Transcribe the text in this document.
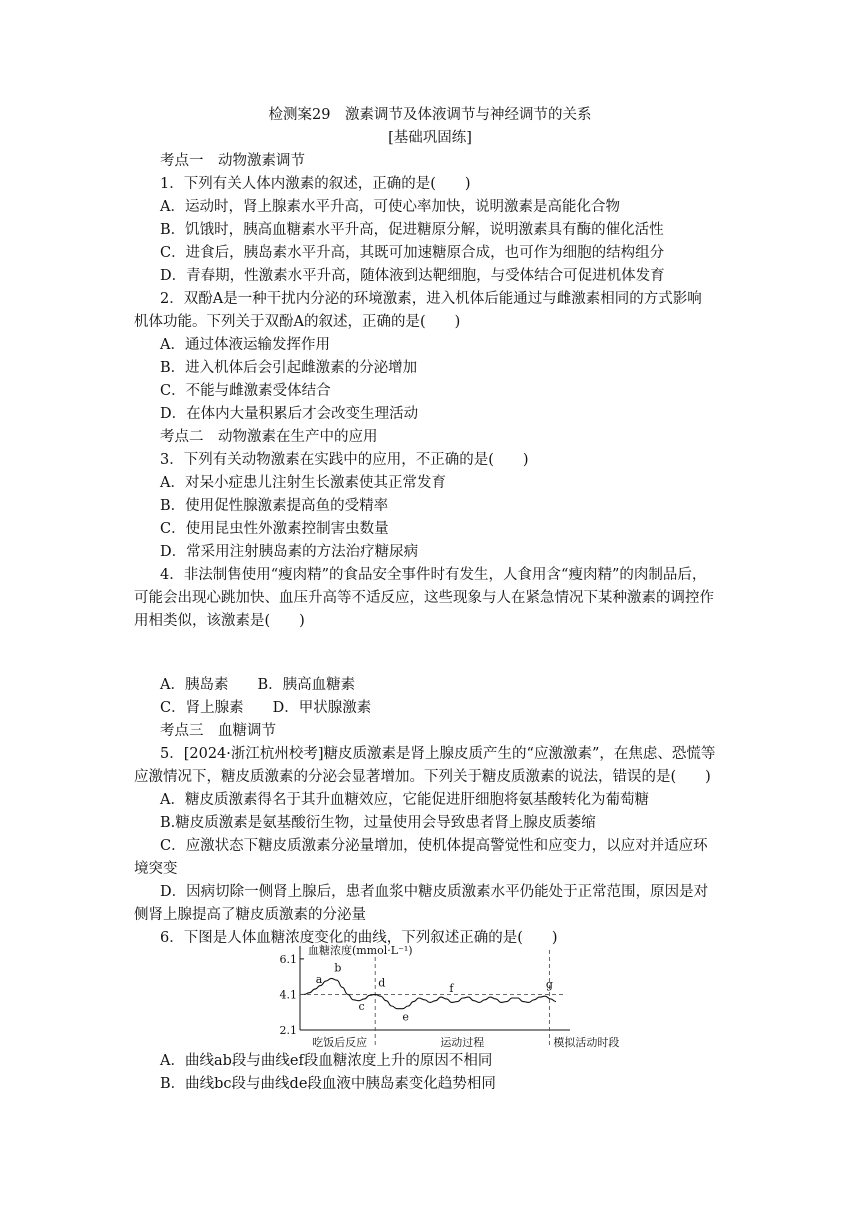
检测案29　激素调节及体液调节与神经调节的关系
[基础巩固练]
考点一　动物激素调节
1．下列有关人体内激素的叙述，正确的是(　　)
A．运动时，肾上腺素水平升高，可使心率加快，说明激素是高能化合物
B．饥饿时，胰高血糖素水平升高，促进糖原分解，说明激素具有酶的催化活性
C．进食后，胰岛素水平升高，其既可加速糖原合成，也可作为细胞的结构组分
D．青春期，性激素水平升高，随体液到达靶细胞，与受体结合可促进机体发育
2．双酚A是一种干扰内分泌的环境激素，进入机体后能通过与雌激素相同的方式影响
机体功能。下列关于双酚A的叙述，正确的是(　　)
A．通过体液运输发挥作用
B．进入机体后会引起雌激素的分泌增加
C．不能与雌激素受体结合
D．在体内大量积累后才会改变生理活动
考点二　动物激素在生产中的应用
3．下列有关动物激素在实践中的应用，不正确的是(　　)
A．对呆小症患儿注射生长激素使其正常发育
B．使用促性腺激素提高鱼的受精率
C．使用昆虫性外激素控制害虫数量
D．常采用注射胰岛素的方法治疗糖尿病
4．非法制售使用“瘦肉精”的食品安全事件时有发生，人食用含“瘦肉精”的肉制品后，
可能会出现心跳加快、血压升高等不适反应，这些现象与人在紧急情况下某种激素的调控作
用相类似，该激素是(　　)
A．胰岛素　　B．胰高血糖素
C．肾上腺素　　D．甲状腺激素
考点三　血糖调节
5．[2024·浙江杭州校考]糖皮质激素是肾上腺皮质产生的“应激激素”，在焦虑、恐慌等
应激情况下，糖皮质激素的分泌会显著增加。下列关于糖皮质激素的说法，错误的是(　　)
A．糖皮质激素得名于其升血糖效应，它能促进肝细胞将氨基酸转化为葡萄糖
B.糖皮质激素是氨基酸衍生物，过量使用会导致患者肾上腺皮质萎缩
C．应激状态下糖皮质激素分泌量增加，使机体提高警觉性和应变力，以应对并适应环
境突变
D．因病切除一侧肾上腺后，患者血浆中糖皮质激素水平仍能处于正常范围，原因是对
侧肾上腺提高了糖皮质激素的分泌量
6．下图是人体血糖浓度变化的曲线，下列叙述正确的是(　　)
血糖浓度(mmol·L⁻¹)
6.1
4.1
2.1
a
b
c
d
e
f	g
吃饭后反应	运动过程	模拟活动时段
A．曲线ab段与曲线ef段血糖浓度上升的原因不相同
B．曲线bc段与曲线de段血液中胰岛素变化趋势相同
